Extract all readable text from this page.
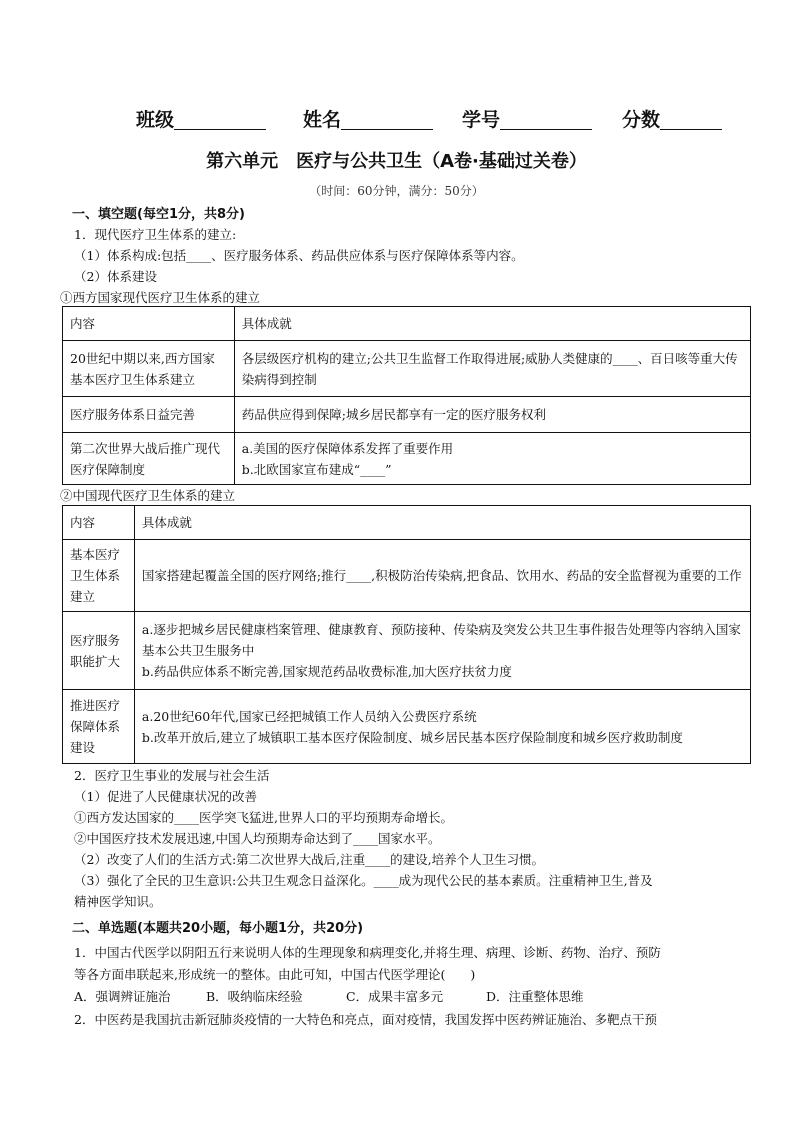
班级	姓名	学号	分数
第六单元　医疗与公共卫生（A卷·基础过关卷）
（时间：60分钟，满分：50分）
一、填空题(每空1分，共8分)
1．现代医疗卫生体系的建立:
（1）体系构成:包括____、医疗服务体系、药品供应体系与医疗保障体系等内容。
（2）体系建设
①西方国家现代医疗卫生体系的建立
内容	具体成就
20世纪中期以来,西方国家基本医疗卫生体系建立	各层级医疗机构的建立;公共卫生监督工作取得进展;威胁人类健康的____、百日咳等重大传染病得到控制
医疗服务体系日益完善	药品供应得到保障;城乡居民都享有一定的医疗服务权利
第二次世界大战后推广现代医疗保障制度	a.美国的医疗保障体系发挥了重要作用
b.北欧国家宣布建成“____”
②中国现代医疗卫生体系的建立
内容	具体成就
基本医疗卫生体系建立	国家搭建起覆盖全国的医疗网络;推行____,积极防治传染病,把食品、饮用水、药品的安全监督视为重要的工作
医疗服务职能扩大	a.逐步把城乡居民健康档案管理、健康教育、预防接种、传染病及突发公共卫生事件报告处理等内容纳入国家基本公共卫生服务中
b.药品供应体系不断完善,国家规范药品收费标准,加大医疗扶贫力度

推进医疗保障体系建设	a.20世纪60年代,国家已经把城镇工作人员纳入公费医疗系统
b.改革开放后,建立了城镇职工基本医疗保险制度、城乡居民基本医疗保险制度和城乡医疗救助制度
2．医疗卫生事业的发展与社会生活
（1）促进了人民健康状况的改善
①西方发达国家的____医学突飞猛进,世界人口的平均预期寿命增长。
②中国医疗技术发展迅速,中国人均预期寿命达到了____国家水平。
（2）改变了人们的生活方式:第二次世界大战后,注重____的建设,培养个人卫生习惯。
（3）强化了全民的卫生意识:公共卫生观念日益深化。____成为现代公民的基本素质。注重精神卫生,普及
精神医学知识。
二、单选题(本题共20小题，每小题1分，共20分)
1．中国古代医学以阴阳五行来说明人体的生理现象和病理变化,并将生理、病理、诊断、药物、治疗、预防
等各方面串联起来,形成统一的整体。由此可知，中国古代医学理论(　　)
A．强调辨证施治	B．吸纳临床经验	C．成果丰富多元	D．注重整体思维
2．中医药是我国抗击新冠肺炎疫情的一大特色和亮点，面对疫情，我国发挥中医药辨证施治、多靶点干预
